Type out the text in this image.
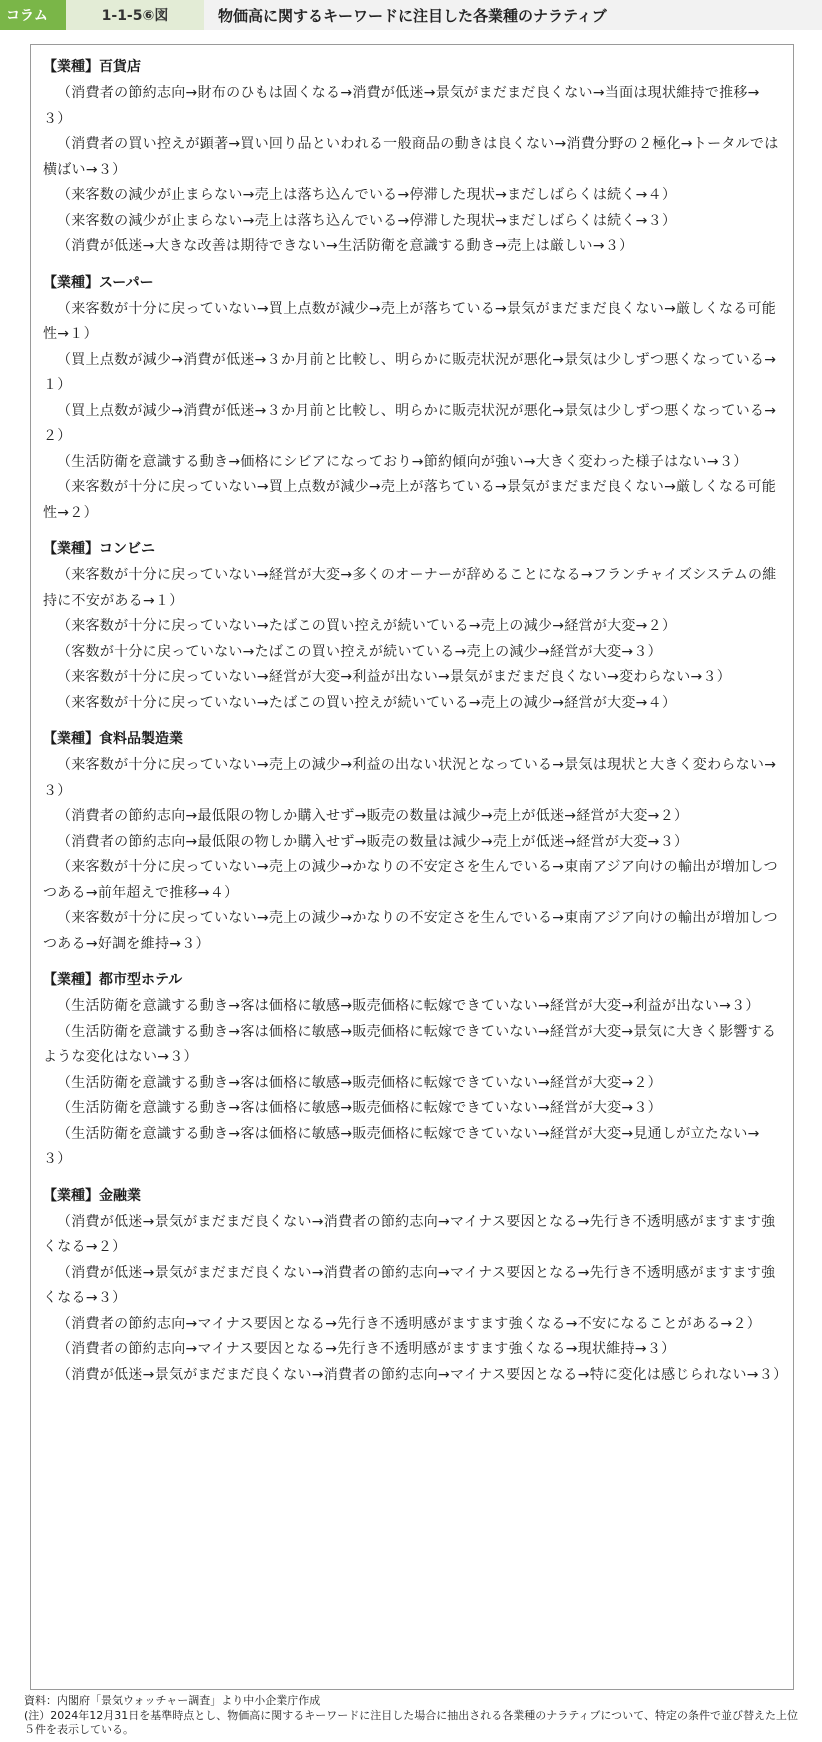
コラム	1-1-5⑥図	物価高に関するキーワードに注目した各業種のナラティブ
【業種】百貨店
（消費者の節約志向→財布のひもは固くなる→消費が低迷→景気がまだまだ良くない→当面は現状維持で推移→３）
（消費者の買い控えが顕著→買い回り品といわれる一般商品の動きは良くない→消費分野の２極化→トータルでは横ばい→３）
（来客数の減少が止まらない→売上は落ち込んでいる→停滞した現状→まだしばらくは続く→４）
（来客数の減少が止まらない→売上は落ち込んでいる→停滞した現状→まだしばらくは続く→３）
（消費が低迷→大きな改善は期待できない→生活防衛を意識する動き→売上は厳しい→３）
【業種】スーパー
（来客数が十分に戻っていない→買上点数が減少→売上が落ちている→景気がまだまだ良くない→厳しくなる可能性→１）
（買上点数が減少→消費が低迷→３か月前と比較し、明らかに販売状況が悪化→景気は少しずつ悪くなっている→１）
（買上点数が減少→消費が低迷→３か月前と比較し、明らかに販売状況が悪化→景気は少しずつ悪くなっている→２）
（生活防衛を意識する動き→価格にシビアになっており→節約傾向が強い→大きく変わった様子はない→３）
（来客数が十分に戻っていない→買上点数が減少→売上が落ちている→景気がまだまだ良くない→厳しくなる可能性→２）
【業種】コンビニ
（来客数が十分に戻っていない→経営が大変→多くのオーナーが辞めることになる→フランチャイズシステムの維持に不安がある→１）
（来客数が十分に戻っていない→たばこの買い控えが続いている→売上の減少→経営が大変→２）
（客数が十分に戻っていない→たばこの買い控えが続いている→売上の減少→経営が大変→３）
（来客数が十分に戻っていない→経営が大変→利益が出ない→景気がまだまだ良くない→変わらない→３）
（来客数が十分に戻っていない→たばこの買い控えが続いている→売上の減少→経営が大変→４）
【業種】食料品製造業
（来客数が十分に戻っていない→売上の減少→利益の出ない状況となっている→景気は現状と大きく変わらない→３）
（消費者の節約志向→最低限の物しか購入せず→販売の数量は減少→売上が低迷→経営が大変→２）
（消費者の節約志向→最低限の物しか購入せず→販売の数量は減少→売上が低迷→経営が大変→３）
（来客数が十分に戻っていない→売上の減少→かなりの不安定さを生んでいる→東南アジア向けの輸出が増加しつつある→前年超えで推移→４）
（来客数が十分に戻っていない→売上の減少→かなりの不安定さを生んでいる→東南アジア向けの輸出が増加しつつある→好調を維持→３）
【業種】都市型ホテル
（生活防衛を意識する動き→客は価格に敏感→販売価格に転嫁できていない→経営が大変→利益が出ない→３）
（生活防衛を意識する動き→客は価格に敏感→販売価格に転嫁できていない→経営が大変→景気に大きく影響するような変化はない→３）
（生活防衛を意識する動き→客は価格に敏感→販売価格に転嫁できていない→経営が大変→２）
（生活防衛を意識する動き→客は価格に敏感→販売価格に転嫁できていない→経営が大変→３）
（生活防衛を意識する動き→客は価格に敏感→販売価格に転嫁できていない→経営が大変→見通しが立たない→３）
【業種】金融業
（消費が低迷→景気がまだまだ良くない→消費者の節約志向→マイナス要因となる→先行き不透明感がますます強くなる→２）
（消費が低迷→景気がまだまだ良くない→消費者の節約志向→マイナス要因となる→先行き不透明感がますます強くなる→３）
（消費者の節約志向→マイナス要因となる→先行き不透明感がますます強くなる→不安になることがある→２）
（消費者の節約志向→マイナス要因となる→先行き不透明感がますます強くなる→現状維持→３）
（消費が低迷→景気がまだまだ良くない→消費者の節約志向→マイナス要因となる→特に変化は感じられない→３）
資料：内閣府「景気ウォッチャー調査」より中小企業庁作成
(注）2024年12月31日を基準時点とし、物価高に関するキーワードに注目した場合に抽出される各業種のナラティブについて、特定の条件で並び替えた上位５件を表示している。
